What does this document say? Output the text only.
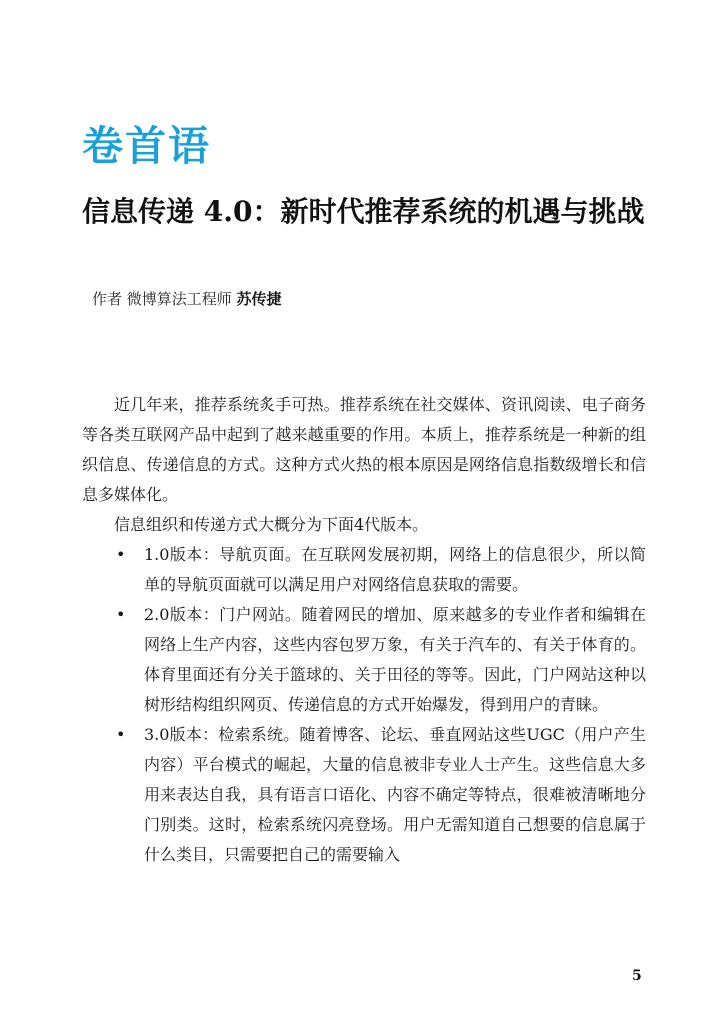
卷首语
信息传递 4.0：新时代推荐系统的机遇与挑战
作者 微博算法工程师 苏传捷

近几年来，推荐系统炙手可热。推荐系统在社交媒体、资讯阅读、电子商务等各类互联网产品中起到了越来越重要的作用。本质上，推荐系统是一种新的组织信息、传递信息的方式。这种方式火热的根本原因是网络信息指数级增长和信息多媒体化。

信息组织和传递方式大概分为下面4代版本。

• 1.0版本：导航页面。在互联网发展初期，网络上的信息很少，所以简单的导航页面就可以满足用户对网络信息获取的需要。
• 2.0版本：门户网站。随着网民的增加、原来越多的专业作者和编辑在网络上生产内容，这些内容包罗万象，有关于汽车的、有关于体育的。体育里面还有分关于篮球的、关于田径的等等。因此，门户网站这种以树形结构组织网页、传递信息的方式开始爆发，得到用户的青睐。
• 3.0版本：检索系统。随着博客、论坛、垂直网站这些UGC（用户产生内容）平台模式的崛起，大量的信息被非专业人士产生。这些信息大多用来表达自我，具有语言口语化、内容不确定等特点，很难被清晰地分门别类。这时，检索系统闪亮登场。用户无需知道自己想要的信息属于什么类目，只需要把自己的需要输入
5
